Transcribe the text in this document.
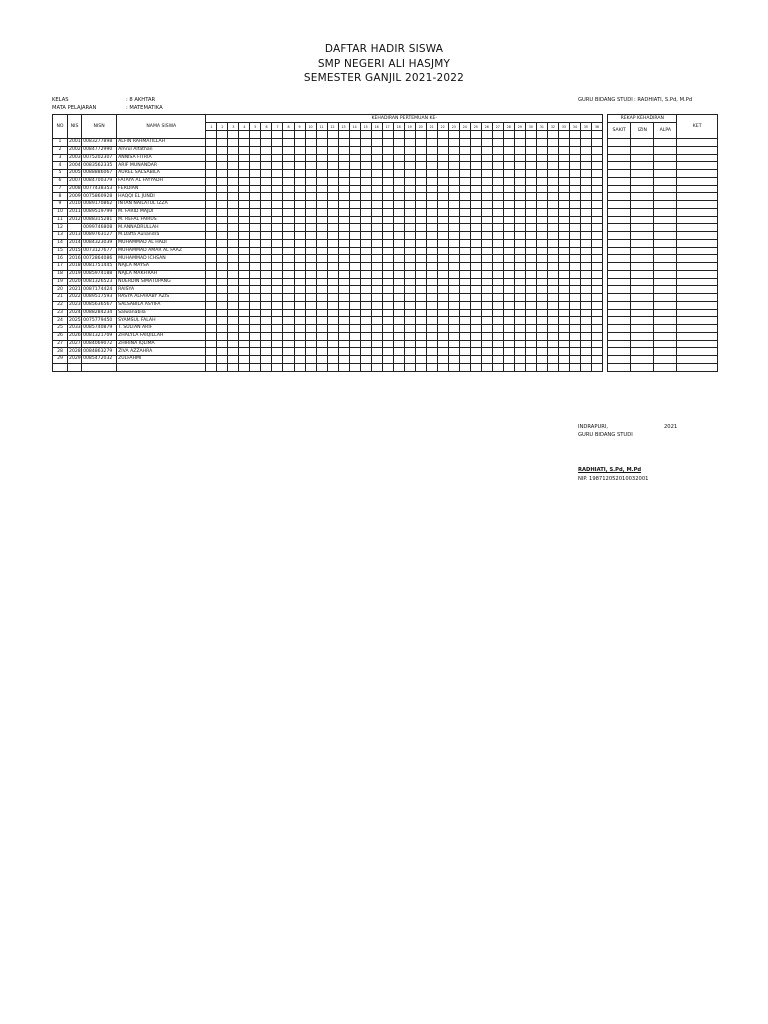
DAFTAR HADIR SISWA
SMP NEGERI ALI HASJMY
SEMESTER GANJIL 2021-2022
KELAS	: 8 AKHTAR
MATA PELAJARAN	: MATEMATIKA
GURU BIDANG STUDI : RADHIATI, S.Pd, M.Pd
NO	NIS	NISN	NAMA SISWA	KEHADIRAN PERTEMUAN KE-																																					REKAP KEHADIRAN			KET
				1	2	3	4	5	6	7	8	9	10	11	12	13	14	15	16	17	18	19	20	21	22	23	24	25	26	27	28	29	30	31	32	33	34	35	36		SAKIT	IZIN	ALPA	

1	2001	0083277898	ALFIN RAHMATILLAH																																									
2	2002	0084772990	Amrul Alfathan																																									
3	2003	0075202307	ANNISA FITRIA																																									
4	2004	0083562335	ARIF MUNANDAR																																									
5	2005	0088886067	AUREL SALSABILA																																									
6	2007	0084700379	FATAYA AL FAYYADH																																									
7	2008	0077438353	FERDIAN																																									
8	2009	0075860928	HAQQI EL JUNDI																																									
9	2010	0089170862	INTAN NAILATUL IZZA																																									
10	2011	0089519799	M. FARID MAJDI																																									
11	2012	0088315281	M. REFAL FAIRUS																																									
12		0099746808	M.ANNADRULLAH																																									
13	2013	0089763127	M.Daffa Auliandra																																									
14	2014	0084323039	MUHAMMAD AL HADI																																									
15	2015	0073127677	MUHAMMAD AMAR AL FAAZ																																									
16	2016	0072864086	MUHAMMAD ICHSAN																																									
17	2018	0081751445	NAJLA MAYSA																																									
18	2019	0085974188	NAJLA MAKFIRAH																																									
19	2020	0081326523	NUERDIN SIMATUPANG																																									
20	2021	0087174424	RAISYA																																									
21	2022	0089517593	RASYA ALFARABY AZIS																																									
22	2023	0085636567	SALSABILA ASYIFA																																									
23	2024	0088284234	Salwanabila																																									
24	2025	0075779450	SYAMSUL FALAH																																									
25	2033	0085740879	T. SULTAN ARIF																																									
26	2026	0081321709	ZHALYLA FAIQILLAH																																									
27	2027	0084069072	ZHIRINA IQLIMA																																									
28	2028	0084863279	ZIVA AZZAHRA																																									
29	2029	0085472032	ZULFAHMI																																									

INDRAPURI,	2021
GURU BIDANG STUDI
RADHIATI, S.Pd, M.Pd
NIP. 198712052010032001
